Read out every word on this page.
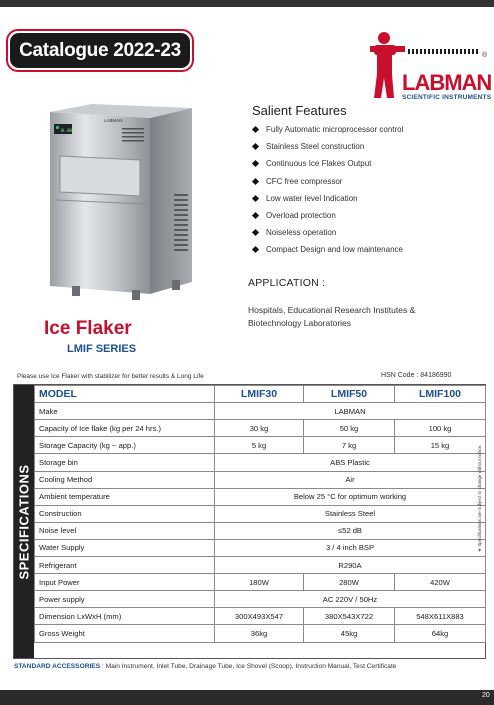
Catalogue 2022-23	®
LABMAN
SCIENTIFIC INSTRUMENTS
0.00
LABMAN
Ice Flaker
LMIF SERIES
Salient Features
Fully Automatic microprocessor control
Stainless Steel construction
Continuous Ice Flakes Output
CFC free compressor
Low water level Indication
Overload protection
Noiseless operation
Compact Design and low maintenance
APPLICATION :
Hospitals, Educational Research Institutes & Biotechnology Laboratories
Please use Ice Flaker with stabilizer for better results & Long Life	HSN Code : 84186990
SPECIFICATIONS
MODEL	LMIF30	LMIF50	LMIF100
Make	LABMAN		
Capacity of Ice flake (kg per 24 hrs.)	30 kg	50 kg	100 kg
Storage Capacity (kg ~ app.)	5 kg	7 kg	15 kg
Storage bin	ABS Plastic		
Cooling Method	Air		
Ambient temperature	Below 25 °C for optimum working		
Construction	Stainless Steel		
Noise level	≤52 dB		
Water Supply	3 / 4 inch BSP		
Refrigerant	R290A		
Input Power	180W	280W	420W
Power supply	AC 220V / 50Hz		
Dimension LxWxH (mm)	300X493X547	380X543X722	548X611X883
Gross Weight	36kg	45kg	64kg
★ Specifications are subject to change without notice.
STANDARD ACCESSORIES : Main Instrument, Inlet Tube, Drainage Tube, Ice Shovel (Scoop), Instruction Manual, Test Certificate
20
